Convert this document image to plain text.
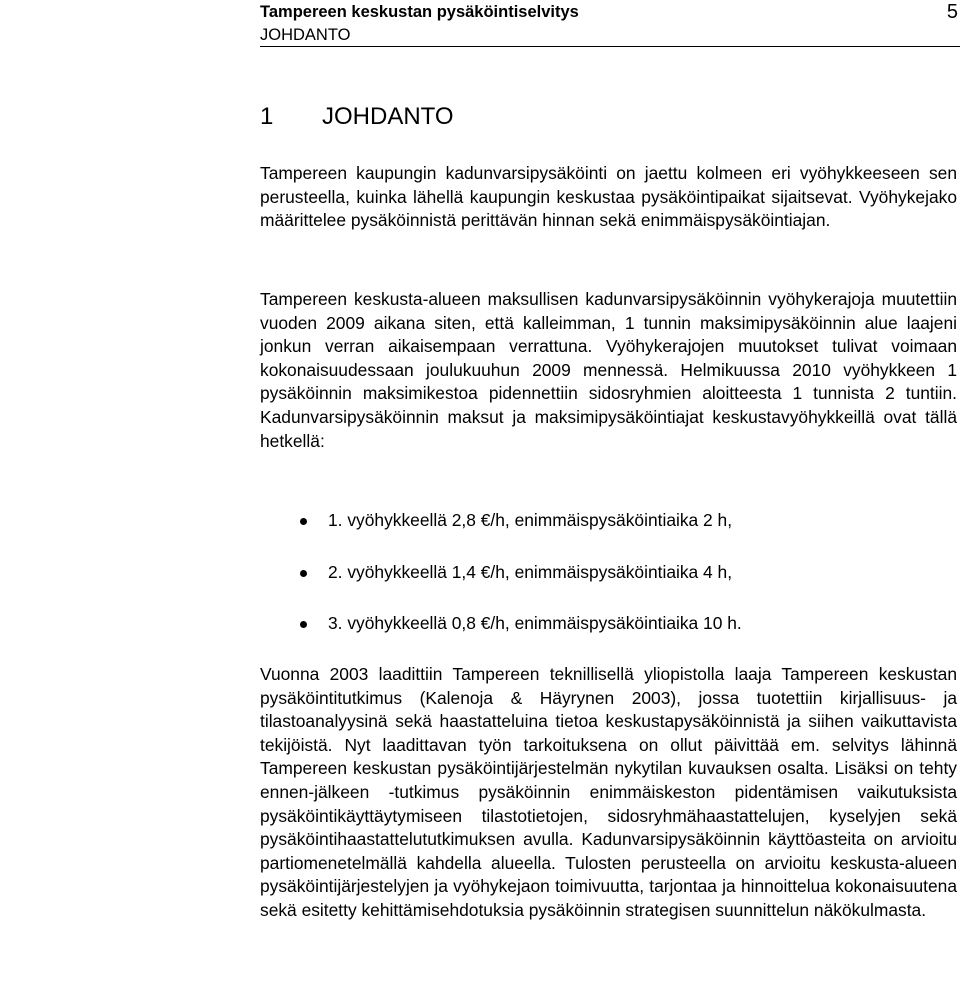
Tampereen keskustan pysäköintiselvitys
JOHDANTO
5
1 JOHDANTO

Tampereen kaupungin kadunvarsipysäköinti on jaettu kolmeen eri vyöhykkeeseen sen perusteella, kuinka lähellä kaupungin keskustaa pysäköintipaikat sijaitsevat. Vyöhykejako määrittelee pysäköinnistä perittävän hinnan sekä enimmäispysäköintiajan.

Tampereen keskusta-alueen maksullisen kadunvarsipysäköinnin vyöhykerajoja muutettiin vuoden 2009 aikana siten, että kalleimman, 1 tunnin maksimipysäköinnin alue laajeni jonkun verran aikaisempaan verrattuna. Vyöhykerajojen muutokset tulivat voimaan kokonaisuudessaan joulukuuhun 2009 mennessä. Helmikuussa 2010 vyöhykkeen 1 pysäköinnin maksimikestoa pidennettiin sidosryhmien aloitteesta 1 tunnista 2 tuntiin. Kadunvarsipysäköinnin maksut ja maksimipysäköintiajat keskustavyöhykkeillä ovat tällä hetkellä:

1. vyöhykkeellä 2,8 €/h, enimmäispysäköintiaika 2 h,
2. vyöhykkeellä 1,4 €/h, enimmäispysäköintiaika 4 h,
3. vyöhykkeellä 0,8 €/h, enimmäispysäköintiaika 10 h.

Vuonna 2003 laadittiin Tampereen teknillisellä yliopistolla laaja Tampereen keskustan pysäköintitutkimus (Kalenoja & Häyrynen 2003), jossa tuotettiin kirjallisuus- ja tilastoanalyysinä sekä haastatteluina tietoa keskustapysäköinnistä ja siihen vaikuttavista tekijöistä. Nyt laadittavan työn tarkoituksena on ollut päivittää em. selvitys lähinnä Tampereen keskustan pysäköintijärjestelmän nykytilan kuvauksen osalta. Lisäksi on tehty ennen-jälkeen -tutkimus pysäköinnin enimmäiskeston pidentämisen vaikutuksista pysäköintikäyttäytymiseen tilastotietojen, sidosryhmähaastattelujen, kyselyjen sekä pysäköintihaastattelututkimuksen avulla. Kadunvarsipysäköinnin käyttöasteita on arvioitu partiomenetelmällä kahdella alueella. Tulosten perusteella on arvioitu keskusta-alueen pysäköintijärjestelyjen ja vyöhykejaon toimivuutta, tarjontaa ja hinnoittelua kokonaisuutena sekä esitetty kehittämisehdotuksia pysäköinnin strategisen suunnittelun näkökulmasta.
